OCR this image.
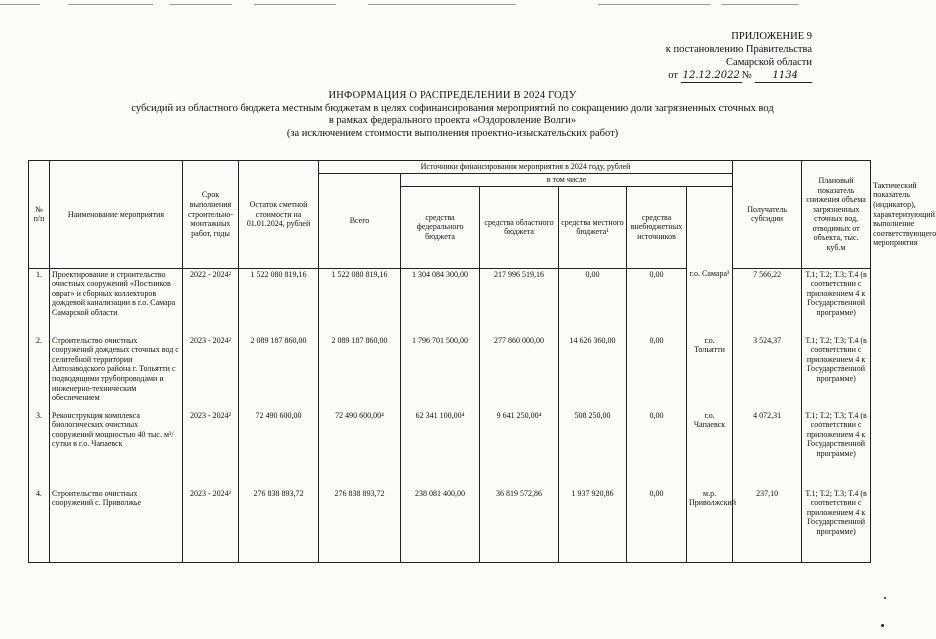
ПРИЛОЖЕНИЕ 9
к постановлению Правительства
Самарской области
от 12.12.2022 № 1134
ИНФОРМАЦИЯ О РАСПРЕДЕЛЕНИИ В 2024 ГОДУ
субсидий из областного бюджета местным бюджетам в целях софинансирования мероприятий по сокращению доли загрязненных сточных вод
в рамках федерального проекта «Оздоровление Волги»
(за исключением стоимости выполнения проектно-изыскательских работ)
№ п/п	Наименование мероприятия	Срок выполнения строительно-монтажных работ, годы	Остаток сметной стоимости на 01.01.2024, рублей	Источники финансирования мероприятия в 2024 году, рублей						Получатель субсидии	Плановый показатель снижения объема загрязненных сточных вод, отводимых от объекта, тыс. куб.м	Тактический показатель (индикатор), характеризующий выполнение соответствующего мероприятия
				Всего	в том числе							
					средства федерального бюджета	средства областного бюджета	средства местного бюджета¹	средства внебюджетных источников				
1.	Проектирование и строительство очистных сооружений «Постников овраг» и сборных коллекторов дождевой канализации в г.о. Самара Самарской области	2022 - 2024²	1 522 080 819,16	1 522 080 819,16	1 304 084 300,00	217 996 519,16	0,00	0,00	г.о. Самара³	7 566,22	Т.1; Т.2; Т.3; Т.4 (в соответствии с приложением 4 к Государственной программе)	
2.	Строительство очистных сооружений дождевых сточных вод с селитебной территории Автозаводского района г. Тольятти с подводящими трубопроводами и инженерно-техническим обеспечением	2023 - 2024²	2 089 187 860,00	2 089 187 860,00	1 796 701 500,00	277 860 000,00	14 626 360,00	0,00	г.о. Тольятти	3 524,37	Т.1; Т.2; Т.3; Т.4 (в соответствии с приложением 4 к Государственной программе)	
3.	Реконструкция комплекса биологических очистных сооружений мощностью 40 тыс. м³/сутки в г.о. Чапаевск	2023 - 2024²	72 490 600,00	72 490 600,00⁴	62 341 100,00⁴	9 641 250,00⁴	508 250,00	0,00	г.о. Чапаевск	4 072,31	Т.1; Т.2; Т.3; Т.4 (в соответствии с приложением 4 к Государственной программе)	
4.	Строительство очистных сооружений с. Приволжье	2023 - 2024²	276 838 893,72	276 838 893,72	238 081 400,00	36 819 572,86	1 937 920,86	0,00	м.р. Приволжский	237,10	Т.1; Т.2; Т.3; Т.4 (в соответствии с приложением 4 к Государственной программе)	
